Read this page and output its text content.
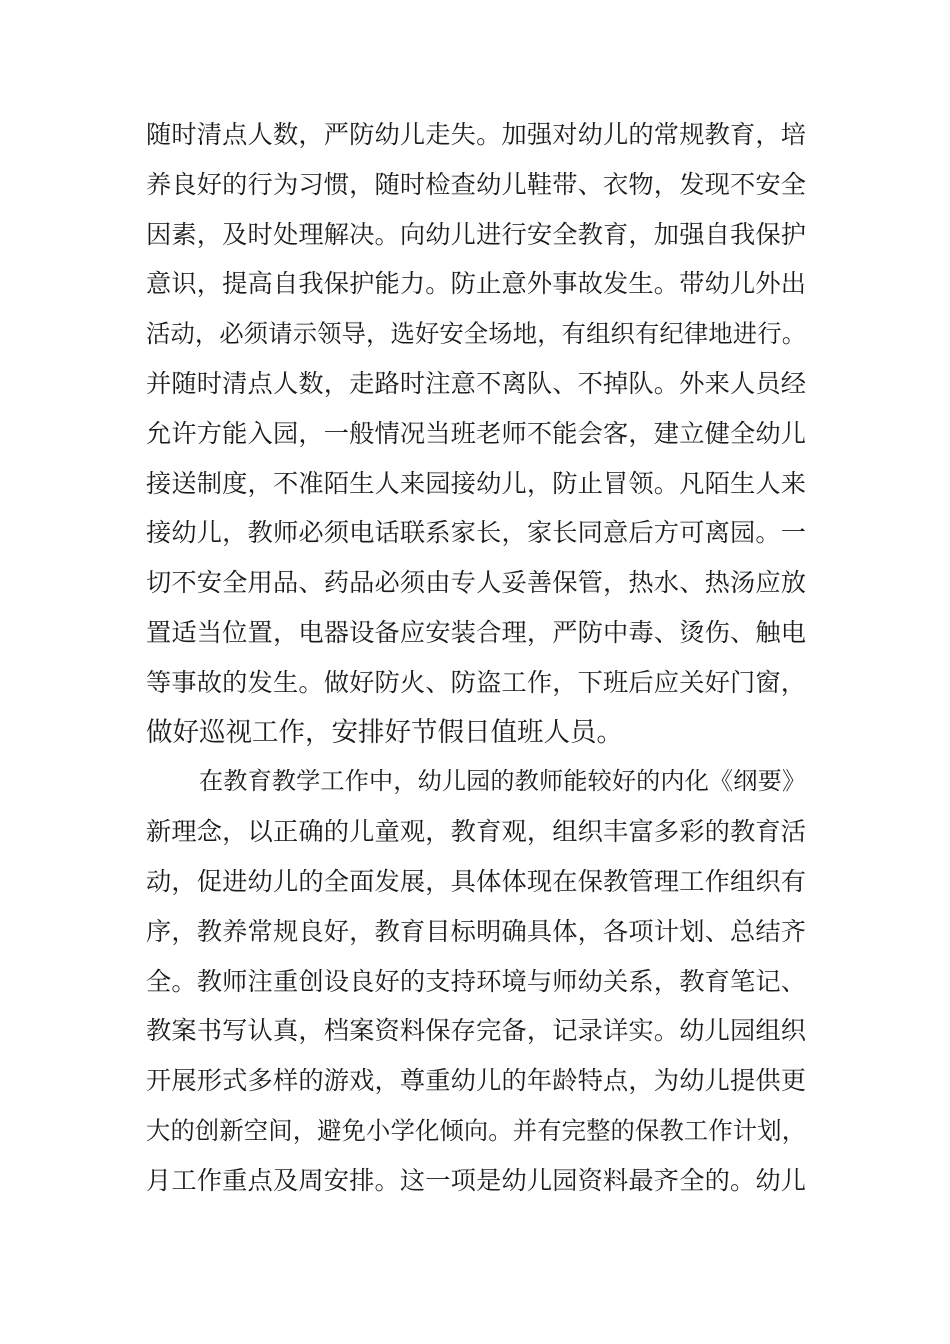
随时清点人数，严防幼儿走失。加强对幼儿的常规教育，培
养良好的行为习惯，随时检查幼儿鞋带、衣物，发现不安全
因素，及时处理解决。向幼儿进行安全教育，加强自我保护
意识，提高自我保护能力。防止意外事故发生。带幼儿外出
活动，必须请示领导，选好安全场地，有组织有纪律地进行。
并随时清点人数，走路时注意不离队、不掉队。外来人员经
允许方能入园，一般情况当班老师不能会客，建立健全幼儿
接送制度，不准陌生人来园接幼儿，防止冒领。凡陌生人来
接幼儿，教师必须电话联系家长，家长同意后方可离园。一
切不安全用品、药品必须由专人妥善保管，热水、热汤应放
置适当位置，电器设备应安装合理，严防中毒、烫伤、触电
等事故的发生。做好防火、防盗工作，下班后应关好门窗，
做好巡视工作，安排好节假日值班人员。
在教育教学工作中，幼儿园的教师能较好的内化《纲要》
新理念，以正确的儿童观，教育观，组织丰富多彩的教育活
动，促进幼儿的全面发展，具体体现在保教管理工作组织有
序，教养常规良好，教育目标明确具体，各项计划、总结齐
全。教师注重创设良好的支持环境与师幼关系，教育笔记、
教案书写认真，档案资料保存完备，记录详实。幼儿园组织
开展形式多样的游戏，尊重幼儿的年龄特点，为幼儿提供更
大的创新空间，避免小学化倾向。并有完整的保教工作计划，
月工作重点及周安排。这一项是幼儿园资料最齐全的。幼儿
